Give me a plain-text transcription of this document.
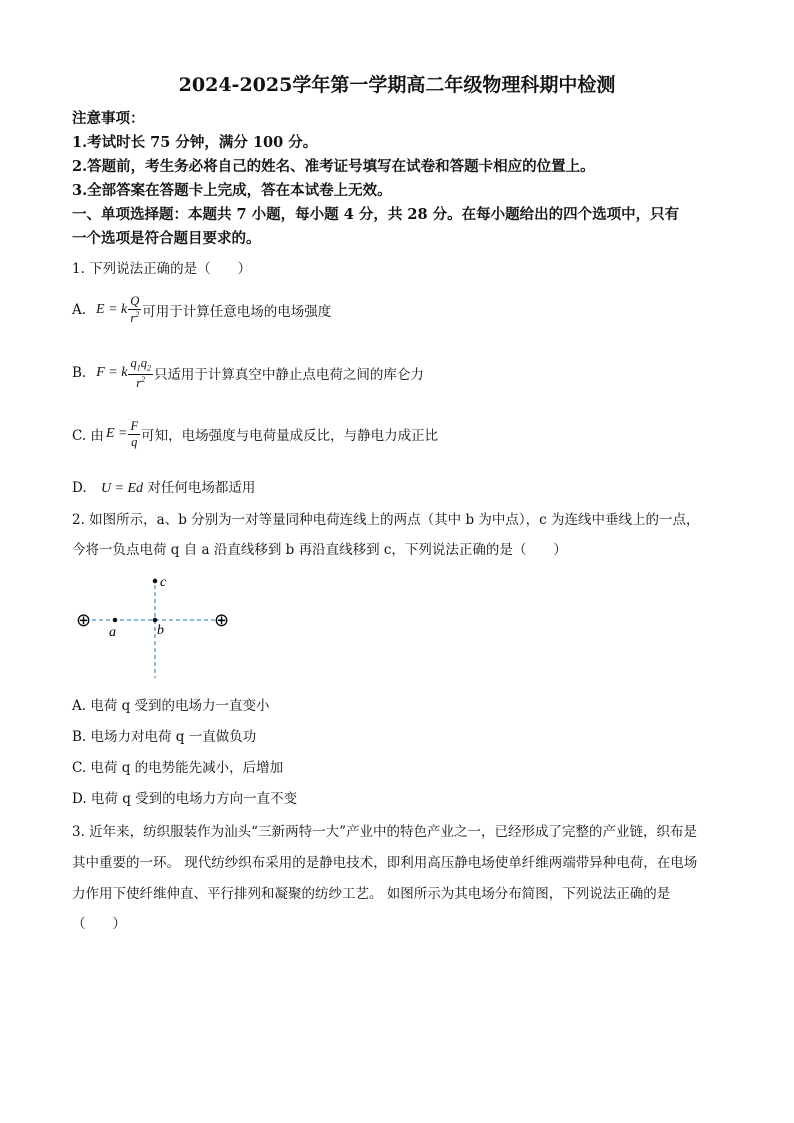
2024-2025学年第一学期高二年级物理科期中检测
注意事项：
1.考试时长 75 分钟，满分 100 分。
2.答题前，考生务必将自己的姓名、准考证号填写在试卷和答题卡相应的位置上。
3.全部答案在答题卡上完成，答在本试卷上无效。
一、单项选择题：本题共 7 小题，每小题 4 分，共 28 分。在每小题给出的四个选项中，只有
一个选项是符合题目要求的。
1. 下列说法正确的是（　　）
A. E = k $\frac{Q}{r^2}$ 可用于计算任意电场的电场强度
B. F = k $\frac{q_1q_2}{r^2}$ 只适用于计算真空中静止点电荷之间的库仑力
C. 由 $E = \frac{F}{q}$ 可知，电场强度与电荷量成反比，与静电力成正比
D. U = Ed 对任何电场都适用
2. 如图所示，a、b 分别为一对等量同种电荷连线上的两点（其中 b 为中点），c 为连线中垂线上的一点，
今将一负点电荷 q 自 a 沿直线移到 b 再沿直线移到 c，下列说法正确的是（　　）
⊕	⊕
a	b
c
A. 电荷 q 受到的电场力一直变小
B. 电场力对电荷 q 一直做负功
C. 电荷 q 的电势能先减小，后增加
D. 电荷 q 受到的电场力方向一直不变
3. 近年来，纺织服装作为汕头“三新两特一大”产业中的特色产业之一，已经形成了完整的产业链，织布是
其中重要的一环。 现代纺纱织布采用的是静电技术，即利用高压静电场使单纤维两端带异种电荷，在电场
力作用下使纤维伸直、平行排列和凝聚的纺纱工艺。 如图所示为其电场分布简图，下列说法正确的是
（　　）
